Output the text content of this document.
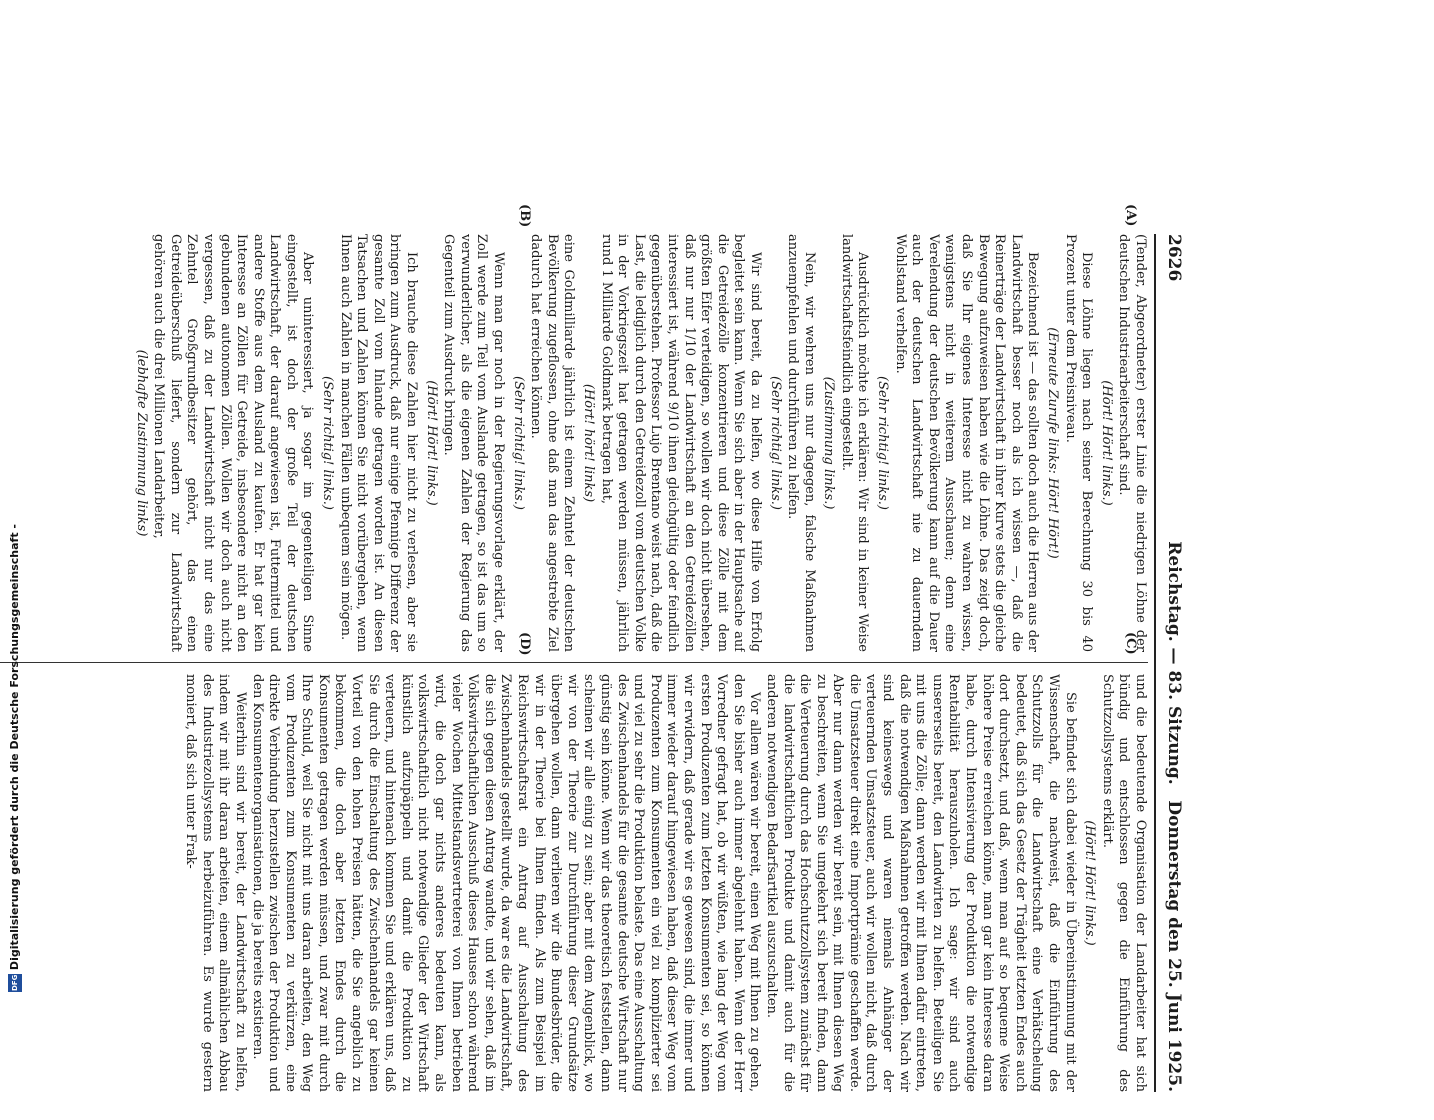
2626
Reichstag. — 83. Sitzung.
Donnerstag den 25. Juni 1925.
(A)
(B)
(C)
(D)	(Tender, Abgeordneter) erster Linie die niedrigen Löhne der deutschen Industriearbeiterschaft sind.

(Hört! Hört! links.)

Diese Löhne liegen nach seiner Berechnung 30 bis 40 Prozent unter dem Preisniveau.

(Erneute Zurufe links: Hört! Hört!)

Bezeichnend ist — das sollten doch auch die Herren aus der Landwirtschaft besser noch als ich wissen —, daß die Reinerträge der Landwirtschaft in ihrer Kurve stets die gleiche Bewegung aufzuweisen haben wie die Löhne. Das zeigt doch, daß Sie Ihr eigenes Interesse nicht zu wahren wissen, wenigstens nicht in weiterem Ausschauen; denn eine Verelendung der deutschen Bevölkerung kann auf die Dauer auch der deutschen Landwirtschaft nie zu dauerndem Wohlstand verhelfen.

(Sehr richtig! links.)

Ausdrücklich möchte ich erklären: Wir sind in keiner Weise landwirtschaftsfeindlich eingestellt.

(Zustimmung links.)

Nein, wir wehren uns nur dagegen, falsche Maßnahmen anzuempfehlen und durchführen zu helfen.

(Sehr richtig! links.)

Wir sind bereit, da zu helfen, wo diese Hilfe von Erfolg begleitet sein kann. Wenn Sie sich aber in der Hauptsache auf die Getreidezölle konzentrieren und diese Zölle mit dem größten Eifer verteidigen, so wollen wir doch nicht übersehen, daß nur nur 1/10 der Landwirtschaft an den Getreidezöllen interessiert ist, während 9/10 ihnen gleichgültig oder feindlich gegenüberstehen. Professor Lujo Brentano weist nach, daß die Last, die lediglich durch den Getreidezoll vom deutschen Volke in der Vorkriegszeit hat getragen werden müssen, jährlich rund 1 Milliarde Goldmark betragen hat,

(Hört! hört! links)

eine Goldmilliarde jährlich ist einem Zehntel der deutschen Bevölkerung zugeflossen, ohne daß man das angestrebte Ziel dadurch hat erreichen können.

(Sehr richtig! links.)

Wenn man gar noch in der Regierungsvorlage erklärt, der Zoll werde zum Teil vom Auslande getragen, so ist das um so verwunderlicher, als die eigenen Zahlen der Regierung das Gegenteil zum Ausdruck bringen.

(Hört! Hört! links.)

Ich brauche diese Zahlen hier nicht zu verlesen, aber sie bringen zum Ausdruck, daß nur einige Pfennige Differenz der gesamte Zoll vom Inlande getragen worden ist. An diesen Tatsachen und Zahlen können Sie nicht vorübergehen, wenn Ihnen auch Zahlen in manchen Fällen unbequem sein mögen.

(Sehr richtig! links.)

Aber uninteressiert, ja sogar im gegenteiligen Sinne eingestellt, ist doch der große Teil der deutschen Landwirtschaft, der darauf angewiesen ist, Futtermittel und andere Stoffe aus dem Ausland zu kaufen. Er hat gar kein Interesse an Zöllen für Getreide, insbesondere nicht an den gebundenen autonomen Zöllen. Wollen wir doch auch nicht vergessen, daß zu der Landwirtschaft nicht nur das eine Zehntel Großgrundbesitzer gehört, das einen Getreideüberschuß liefert, sondern zur Landwirtschaft gehören auch die drei Millionen Landarbeiter,

(lebhafte Zustimmung links)

und die bedeutende Organisation der Landarbeiter hat sich bündig und entschlossen gegen die Einführung des Schutzzollsystems erklärt.

(Hört! Hört! links.)

Sie befindet sich dabei wieder in Übereinstimmung mit der Wissenschaft, die nachweist, daß die Einführung des Schutzzolls für die Landwirtschaft eine Verhätschelung bedeutet, daß sich das Gesetz der Trägheit letzten Endes auch dort durchsetzt, und daß, wenn man auf so bequeme Weise höhere Preise erreichen könne, man gar kein Interesse daran habe, durch Intensivierung der Produktion die notwendige Rentabilität herauszuholen. Ich sage: wir sind auch unsererseits bereit, den Landwirten zu helfen. Beteiligen Sie mit uns die Zölle; dann werden wir mit Ihnen dafür eintreten, daß die notwendigen Maßnahmen getroffen werden. Nach wir sind keineswegs und waren niemals Anhänger der verteuernden Umsatzsteuer, auch wir wollen nicht, daß durch die Umsatzsteuer direkt eine Importprämie geschaffen werde. Aber nur dann werden wir bereit sein, mit Ihnen diesen Weg zu beschreiten, wenn Sie umgekehrt sich bereit finden, dann die Verteuerung durch das Hochschutzzollsystem zunächst für die landwirtschaftlichen Produkte und damit auch für die anderen notwendigen Bedarfsartikel auszuschalten.

Vor allem wären wir bereit, einen Weg mit Ihnen zu gehen, den Sie bisher auch immer abgelehnt haben. Wenn der Herr Vorredner gefragt hat, ob wir wüßten, wie lang der Weg vom ersten Produzenten zum letzten Konsumenten sei, so können wir erwidern, daß gerade wir es gewesen sind, die immer und immer wieder darauf hingewiesen haben, daß dieser Weg vom Produzenten zum Konsumenten ein viel zu komplizierter sei und viel zu sehr die Produktion belaste. Das eine Ausschaltung des Zwischenhandels für die gesamte deutsche Wirtschaft nur günstig sein könne. Wenn wir das theoretisch feststellen, dann scheinen wir alle einig zu sein; aber mit dem Augenblick, wo wir von der Theorie zur Durchführung dieser Grundsätze übergehen wollen, dann verlieren wir die Bundesbrüder, die wir in der Theorie bei Ihnen finden. Als zum Beispiel im Reichswirtschaftsrat ein Antrag auf Ausschaltung des Zwischenhandels gestellt wurde, da war es die Landwirtschaft, die sich gegen diesen Antrag wandte, und wir sehen, daß im Volkswirtschaftlichen Ausschuß dieses Hauses schon während vieler Wochen Mittelstandsvertreterei von Ihnen betrieben wird, die doch gar nichts anderes bedeuten kann, als volkswirtschaftlich nicht notwendige Glieder der Wirtschaft künstlich aufzupäppeln und damit die Produktion zu verteuern, und hintenach kommen Sie und erklären uns, daß Sie durch die Einschaltung des Zwischenhandels gar keinen Vorteil von den hohen Preisen hätten, die Sie angeblich zu bekommen, die doch aber letzten Endes durch die Konsumenten getragen werden müssen, und zwar mit durch Ihre Schuld, weil Sie nicht mit uns daran arbeiten, den Weg vom Produzenten zum Konsumenten zu verkürzen, eine direkte Verbindung herzustellen zwischen der Produktion und den Konsumentenorganisationen, die ja bereits existieren.

Weiterhin sind wir bereit, der Landwirtschaft zu helfen, indem wir mit ihr daran arbeiten, einem allmählichen Abbau des Industriezollsystems herbeizuführen. Es wurde gestern moniert, daß sich unter Frak-

Digitalisierung gefördert durch die Deutsche Forschungsgemeinschaft -
DFG
